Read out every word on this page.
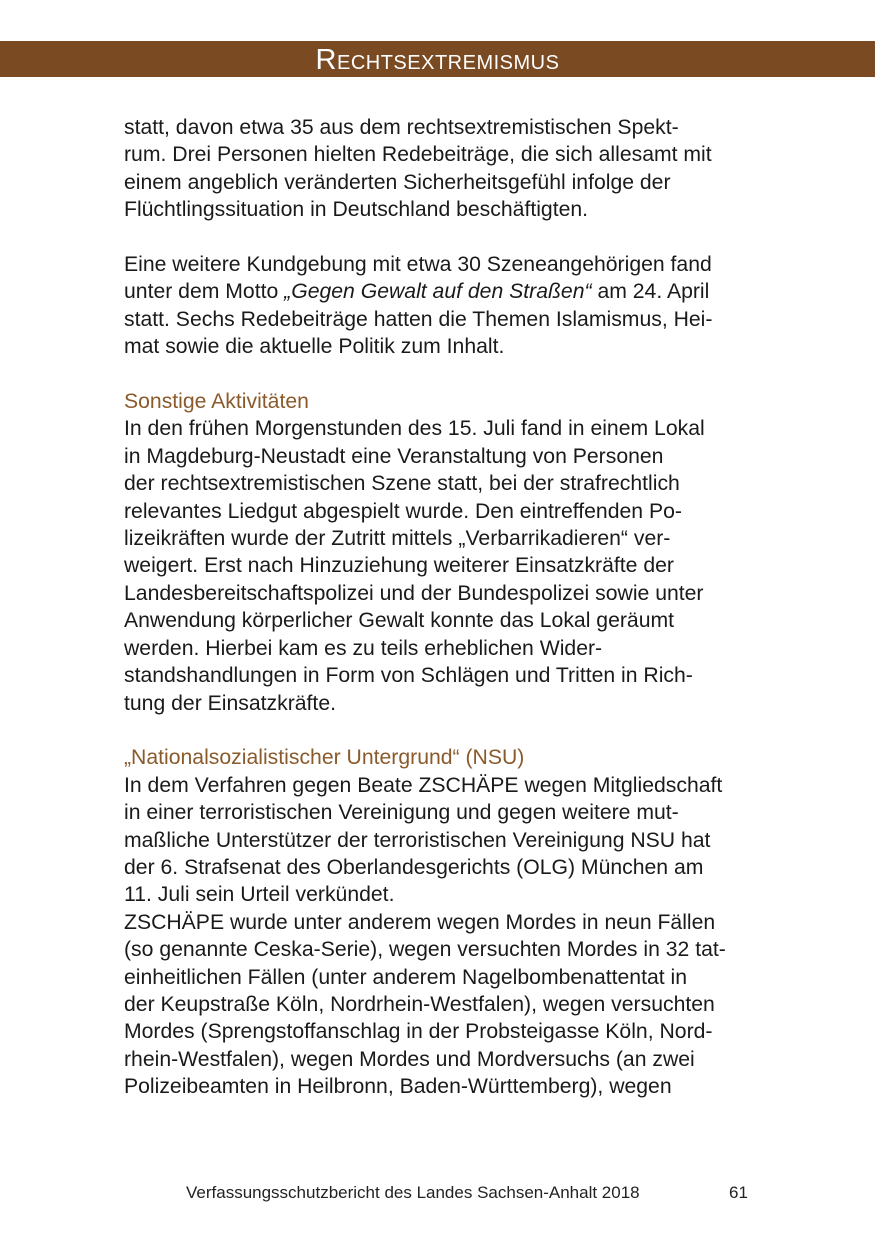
Rechtsextremismus

statt, davon etwa 35 aus dem rechtsextremistischen Spekt-
rum. Drei Personen hielten Redebeiträge, die sich allesamt mit
einem angeblich veränderten Sicherheitsgefühl infolge der
Flüchtlingssituation in Deutschland beschäftigten.

Eine weitere Kundgebung mit etwa 30 Szeneangehörigen fand
unter dem Motto „Gegen Gewalt auf den Straßen“ am 24. April
statt. Sechs Redebeiträge hatten die Themen Islamismus, Hei-
mat sowie die aktuelle Politik zum Inhalt.

Sonstige Aktivitäten

In den frühen Morgenstunden des 15. Juli fand in einem Lokal
in Magdeburg-Neustadt eine Veranstaltung von Personen
der rechtsextremistischen Szene statt, bei der strafrechtlich
relevantes Liedgut abgespielt wurde. Den eintreffenden Po-
lizeikräften wurde der Zutritt mittels „Verbarrikadieren“ ver-
weigert. Erst nach Hinzuziehung weiterer Einsatzkräfte der
Landesbereitschaftspolizei und der Bundespolizei sowie unter
Anwendung körperlicher Gewalt konnte das Lokal geräumt
werden. Hierbei kam es zu teils erheblichen Wider-
standshandlungen in Form von Schlägen und Tritten in Rich-
tung der Einsatzkräfte.

„Nationalsozialistischer Untergrund“ (NSU)

In dem Verfahren gegen Beate ZSCHÄPE wegen Mitgliedschaft
in einer terroristischen Vereinigung und gegen weitere mut-
maßliche Unterstützer der terroristischen Vereinigung NSU hat
der 6. Strafsenat des Oberlandesgerichts (OLG) München am
11. Juli sein Urteil verkündet.
ZSCHÄPE wurde unter anderem wegen Mordes in neun Fällen
(so genannte Ceska-Serie), wegen versuchten Mordes in 32 tat-
einheitlichen Fällen (unter anderem Nagelbombenattentat in
der Keupstraße Köln, Nordrhein-Westfalen), wegen versuchten
Mordes (Sprengstoffanschlag in der Probsteigasse Köln, Nord-
rhein-Westfalen), wegen Mordes und Mordversuchs (an zwei
Polizeibeamten in Heilbronn, Baden-Württemberg), wegen

Verfassungsschutzbericht des Landes Sachsen-Anhalt 2018	61
